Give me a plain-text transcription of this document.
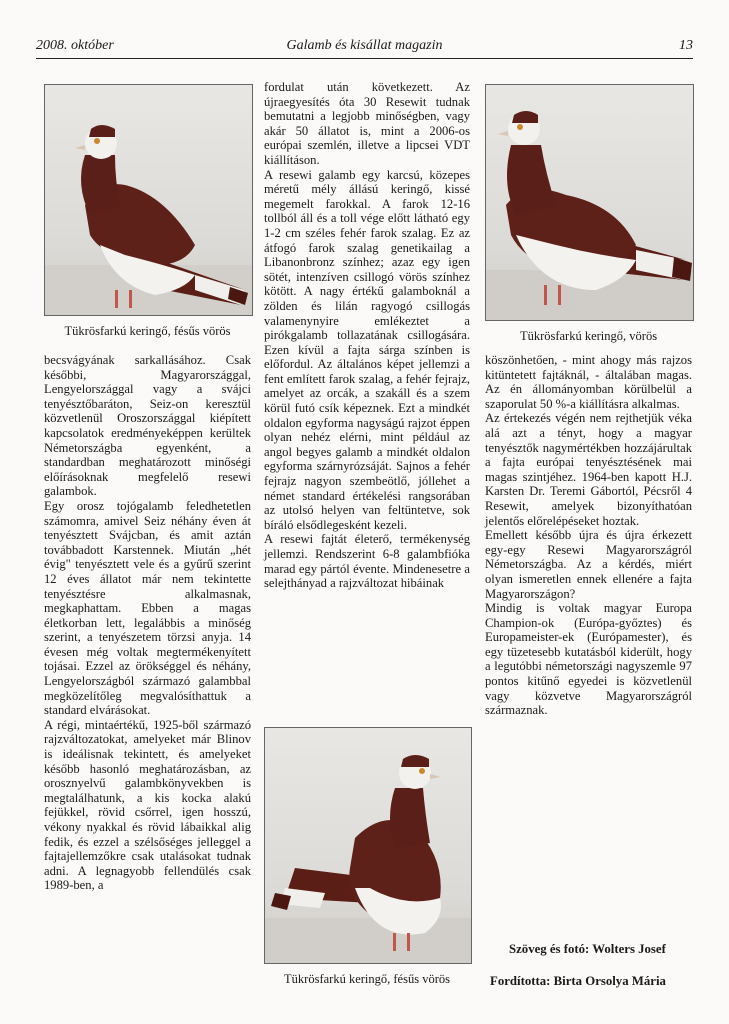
2008. október	Galamb és kisállat magazin	13
Tükrösfarkú keringő, fésűs vörös	Tükrösfarkú keringő, vörös
Tükrösfarkú keringő, fésűs vörös

becsvágyának sarkallásához. Csak későbbi, Magyarországgal, Lengyelországgal vagy a svájci tenyésztőbaráton, Seiz-on keresztül közvetlenül Oroszországgal kiépített kapcsolatok eredményeképpen kerültek Németországba egyenként, a standardban meghatározott minőségi előírásoknak megfelelő resewi galambok.

Egy orosz tojógalamb feledhetetlen számomra, amivel Seiz néhány éven át tenyésztett Svájcban, és amit aztán továbbadott Karstennek. Miután „hét évig" tenyésztett vele és a gyűrű szerint 12 éves állatot már nem tekintette tenyésztésre alkalmasnak, megkaphattam. Ebben a magas életkorban lett, legalábbis a minőség szerint, a tenyészetem törzsi anyja. 14 évesen még voltak megtermékenyített tojásai. Ezzel az örökséggel és néhány, Lengyelországból származó galambbal megközelítőleg megvalósíthattuk a standard elvárásokat.

A régi, mintaértékű, 1925-ből származó rajzváltozatokat, amelyeket már Blinov is ideálisnak tekintett, és amelyeket később hasonló meghatározásban, az orosznyelvű galambkönyvekben is megtalálhatunk, a kis kocka alakú fejükkel, rövid csőrrel, igen hosszú, vékony nyakkal és rövid lábaikkal alig fedik, és ezzel a szélsőséges jelleggel a fajtajellemzőkre csak utalásokat tudnak adni. A legnagyobb fellendülés csak 1989-ben, a

fordulat után következett. Az újraegyesítés óta 30 Resewit tudnak bemutatni a legjobb minőségben, vagy akár 50 állatot is, mint a 2006-os európai szemlén, illetve a lipcsei VDT kiállításon.

A resewi galamb egy karcsú, közepes méretű mély állású keringő, kissé megemelt farokkal. A farok 12-16 tollból áll és a toll vége előtt látható egy 1-2 cm széles fehér farok szalag. Ez az átfogó farok szalag genetikailag a Libanonbronz színhez; azaz egy igen sötét, intenzíven csillogó vörös színhez kötött. A nagy értékű galamboknál a zölden és lilán ragyogó csillogás valamenynyire emlékeztet a pirókgalamb tollazatának csillogására. Ezen kívül a fajta sárga színben is előfordul. Az általános képet jellemzi a fent említett farok szalag, a fehér fejrajz, amelyet az orcák, a szakáll és a szem körül futó csík képeznek. Ezt a mindkét oldalon egyforma nagyságú rajzot éppen olyan nehéz elérni, mint például az angol begyes galamb a mindkét oldalon egyforma szárnyrózsáját. Sajnos a fehér fejrajz nagyon szembeötlő, jóllehet a német standard értékelési rangsorában az utolsó helyen van feltüntetve, sok bíráló elsődlegesként kezeli.

A resewi fajtát életerő, termékenység jellemzi. Rendszerint 6-8 galambfióka marad egy pártól évente. Mindenesetre a selejthányad a rajzváltozat hibáinak

köszönhetően, - mint ahogy más rajzos kitüntetett fajtáknál, - általában magas. Az én állományomban körülbelül a szaporulat 50 %-a kiállításra alkalmas.

Az értekezés végén nem rejthetjük véka alá azt a tényt, hogy a magyar tenyésztők nagymértékben hozzájárultak a fajta európai tenyésztésének mai magas szintjéhez. 1964-ben kapott H.J. Karsten Dr. Teremi Gábortól, Pécsről 4 Resewit, amelyek bizonyíthatóan jelentős előrelépéseket hoztak.

Emellett később újra és újra érkezett egy-egy Resewi Magyarországról Németországba. Az a kérdés, miért olyan ismeretlen ennek ellenére a fajta Magyarországon?

Mindig is voltak magyar Europa Champion-ok (Európa-győztes) és Europameister-ek (Európamester), és egy tüzetesebb kutatásból kiderült, hogy a legutóbbi németországi nagyszemle 97 pontos kitűnő egyedei is közvetlenül vagy közvetve Magyarországról származnak.

Szöveg és fotó: Wolters Josef
Fordította: Birta Orsolya Mária
